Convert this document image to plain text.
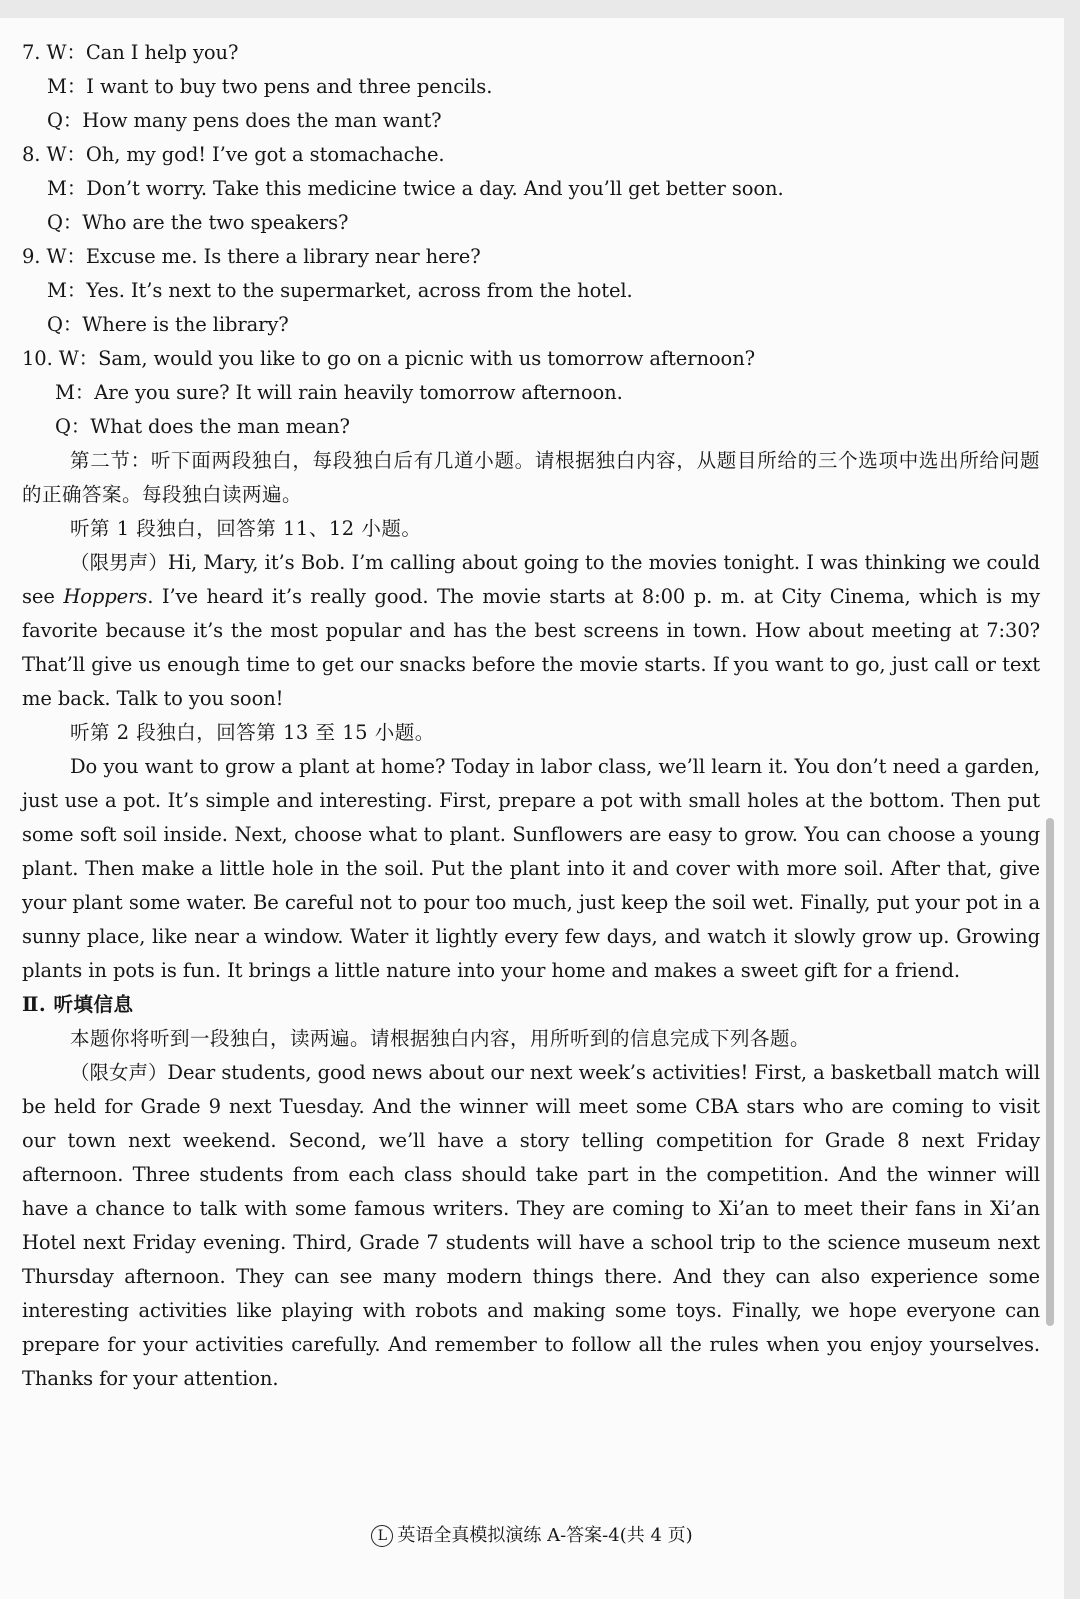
7. W：Can I help you?
M：I want to buy two pens and three pencils.
Q：How many pens does the man want?
8. W：Oh, my god! I’ve got a stomachache.
M：Don’t worry. Take this medicine twice a day. And you’ll get better soon.
Q：Who are the two speakers?
9. W：Excuse me. Is there a library near here?
M：Yes. It’s next to the supermarket, across from the hotel.
Q：Where is the library?
10. W：Sam, would you like to go on a picnic with us tomorrow afternoon?
M：Are you sure? It will rain heavily tomorrow afternoon.
Q：What does the man mean?

第二节：听下面两段独白，每段独白后有几道小题。请根据独白内容，从题目所给的三个选项中选出所给问题的正确答案。每段独白读两遍。

听第 1 段独白，回答第 11、12 小题。

（限男声）Hi, Mary, it’s Bob. I’m calling about going to the movies tonight. I was thinking we could see Hoppers. I’ve heard it’s really good. The movie starts at 8:00 p. m. at City Cinema, which is my favorite because it’s the most popular and has the best screens in town. How about meeting at 7:30? That’ll give us enough time to get our snacks before the movie starts. If you want to go, just call or text me back. Talk to you soon!

听第 2 段独白，回答第 13 至 15 小题。

Do you want to grow a plant at home? Today in labor class, we’ll learn it. You don’t need a garden, just use a pot. It’s simple and interesting. First, prepare a pot with small holes at the bottom. Then put some soft soil inside. Next, choose what to plant. Sunflowers are easy to grow. You can choose a young plant. Then make a little hole in the soil. Put the plant into it and cover with more soil. After that, give your plant some water. Be careful not to pour too much, just keep the soil wet. Finally, put your pot in a sunny place, like near a window. Water it lightly every few days, and watch it slowly grow up. Growing plants in pots is fun. It brings a little nature into your home and makes a sweet gift for a friend.

Ⅱ. 听填信息

本题你将听到一段独白，读两遍。请根据独白内容，用所听到的信息完成下列各题。

（限女声）Dear students, good news about our next week’s activities! First, a basketball match will be held for Grade 9 next Tuesday. And the winner will meet some CBA stars who are coming to visit our town next weekend. Second, we’ll have a story telling competition for Grade 8 next Friday afternoon. Three students from each class should take part in the competition. And the winner will have a chance to talk with some famous writers. They are coming to Xi’an to meet their fans in Xi’an Hotel next Friday evening. Third, Grade 7 students will have a school trip to the science museum next Thursday afternoon. They can see many modern things there. And they can also experience some interesting activities like playing with robots and making some toys. Finally, we hope everyone can prepare for your activities carefully. And remember to follow all the rules when you enjoy yourselves. Thanks for your attention.

L 英语全真模拟演练 A-答案-4(共 4 页)
